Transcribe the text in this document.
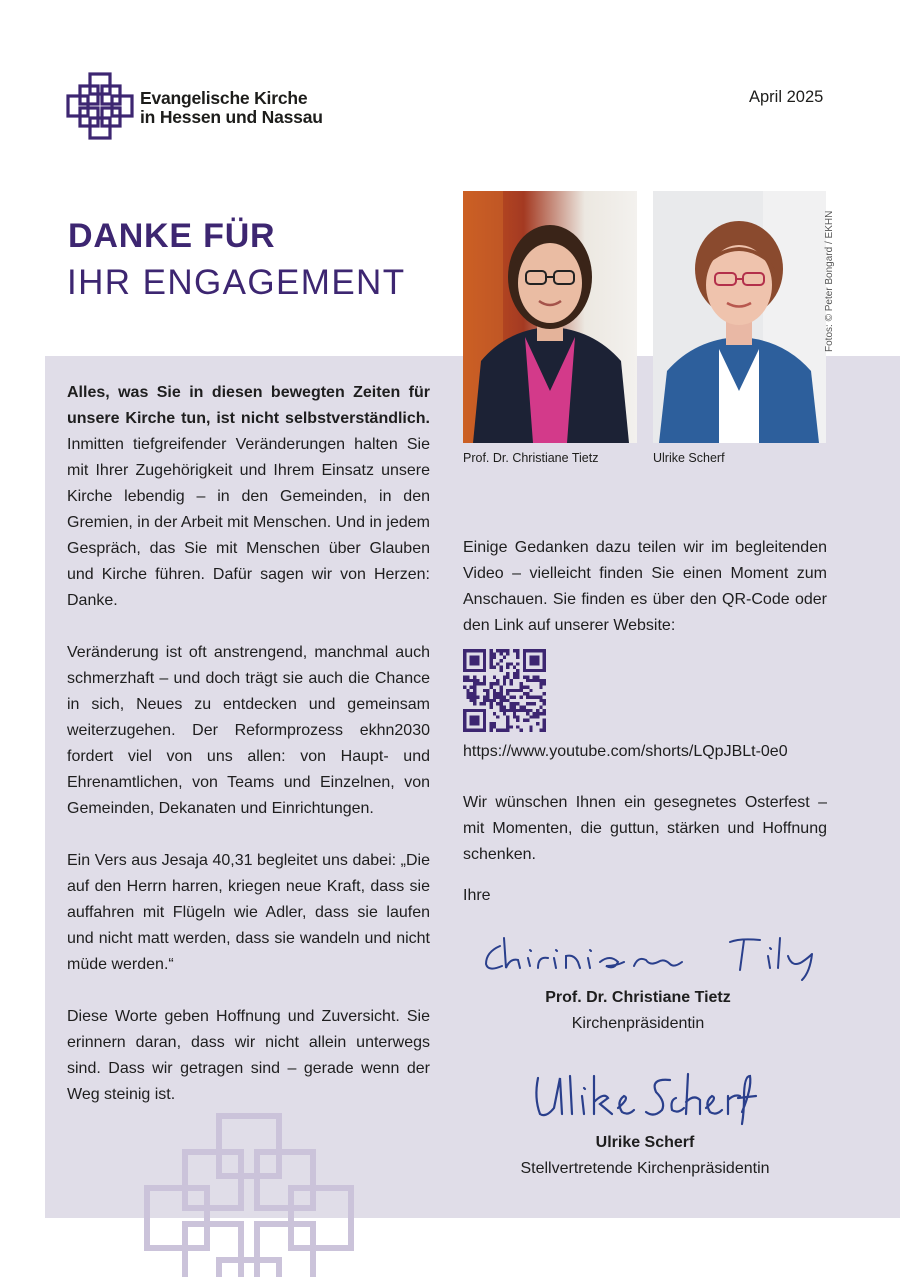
Evangelische Kirche
in Hessen und Nassau
April 2025
DANKE FÜR
IHR ENGAGEMENT
Prof. Dr. Christiane Tietz	Ulrike Scherf
Fotos: © Peter Bongard / EKHN

Alles, was Sie in diesen bewegten Zeiten für unsere Kirche tun, ist nicht selbstverständlich. Inmitten tiefgreifender Veränderungen halten Sie mit Ihrer Zugehörigkeit und Ihrem Einsatz unsere Kirche lebendig – in den Gemeinden, in den Gremien, in der Arbeit mit Menschen. Und in jedem Gespräch, das Sie mit Menschen über Glauben und Kirche führen. Dafür sagen wir von Herzen: Danke.

Veränderung ist oft anstrengend, manchmal auch schmerzhaft – und doch trägt sie auch die Chance in sich, Neues zu entdecken und gemeinsam weiterzugehen. Der Reformprozess ekhn2030 fordert viel von uns allen: von Haupt- und Ehrenamtlichen, von Teams und Einzelnen, von Gemeinden, Dekanaten und Einrichtungen.

Ein Vers aus Jesaja 40,31 begleitet uns dabei: „Die auf den Herrn harren, kriegen neue Kraft, dass sie auffahren mit Flügeln wie Adler, dass sie laufen und nicht matt werden, dass sie wandeln und nicht müde werden.“

Diese Worte geben Hoffnung und Zuversicht. Sie erinnern daran, dass wir nicht allein unterwegs sind. Dass wir getragen sind – gerade wenn der Weg steinig ist.

Einige Gedanken dazu teilen wir im begleitenden Video – vielleicht finden Sie einen Moment zum Anschauen. Sie finden es über den QR-Code oder den Link auf unserer Website:
https://www.youtube.com/shorts/LQpJBLt-0e0
Wir wünschen Ihnen ein gesegnetes Osterfest – mit Momenten, die guttun, stärken und Hoffnung schenken.
Ihre
Prof. Dr. Christiane Tietz
Kirchenpräsidentin
Ulrike Scherf
Stellvertretende Kirchenpräsidentin
